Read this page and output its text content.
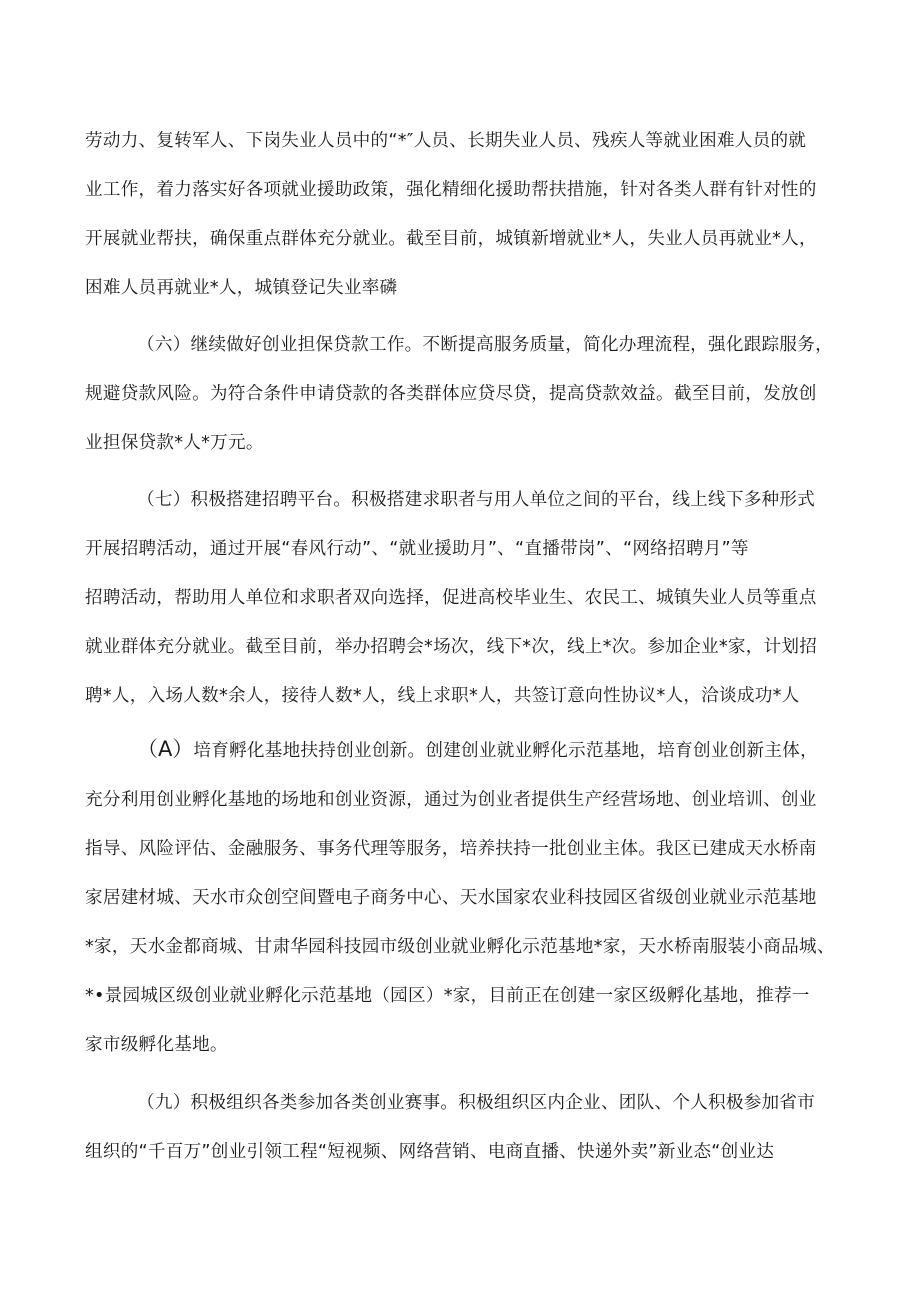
劳动力、复转军人、下岗失业人员中的“*″人员、长期失业人员、残疾人等就业困难人员的就
业工作，着力落实好各项就业援助政策，强化精细化援助帮扶措施，针对各类人群有针对性的
开展就业帮扶，确保重点群体充分就业。截至目前，城镇新增就业*人，失业人员再就业*人，
困难人员再就业*人，城镇登记失业率磷
（六）继续做好创业担保贷款工作。不断提高服务质量，简化办理流程，强化跟踪服务，
规避贷款风险。为符合条件申请贷款的各类群体应贷尽贷，提高贷款效益。截至目前，发放创
业担保贷款*人*万元。
（七）积极搭建招聘平台。积极搭建求职者与用人单位之间的平台，线上线下多种形式
开展招聘活动，通过开展“春风行动”、“就业援助月”、“直播带岗”、“网络招聘月”等
招聘活动，帮助用人单位和求职者双向选择，促进高校毕业生、农民工、城镇失业人员等重点
就业群体充分就业。截至目前，举办招聘会*场次，线下*次，线上*次。参加企业*家，计划招
聘*人，入场人数*余人，接待人数*人，线上求职*人，共签订意向性协议*人，洽谈成功*人
（A）培育孵化基地扶持创业创新。创建创业就业孵化示范基地，培育创业创新主体，
充分利用创业孵化基地的场地和创业资源，通过为创业者提供生产经营场地、创业培训、创业
指导、风险评估、金融服务、事务代理等服务，培养扶持一批创业主体。我区已建成天水桥南
家居建材城、天水市众创空间暨电子商务中心、天水国家农业科技园区省级创业就业示范基地
*家，天水金都商城、甘肃华园科技园市级创业就业孵化示范基地*家，天水桥南服装小商品城、
*•景园城区级创业就业孵化示范基地（园区）*家，目前正在创建一家区级孵化基地，推荐一
家市级孵化基地。
（九）积极组织各类参加各类创业赛事。积极组织区内企业、团队、个人积极参加省市
组织的“千百万”创业引领工程“短视频、网络营销、电商直播、快递外卖”新业态“创业达
